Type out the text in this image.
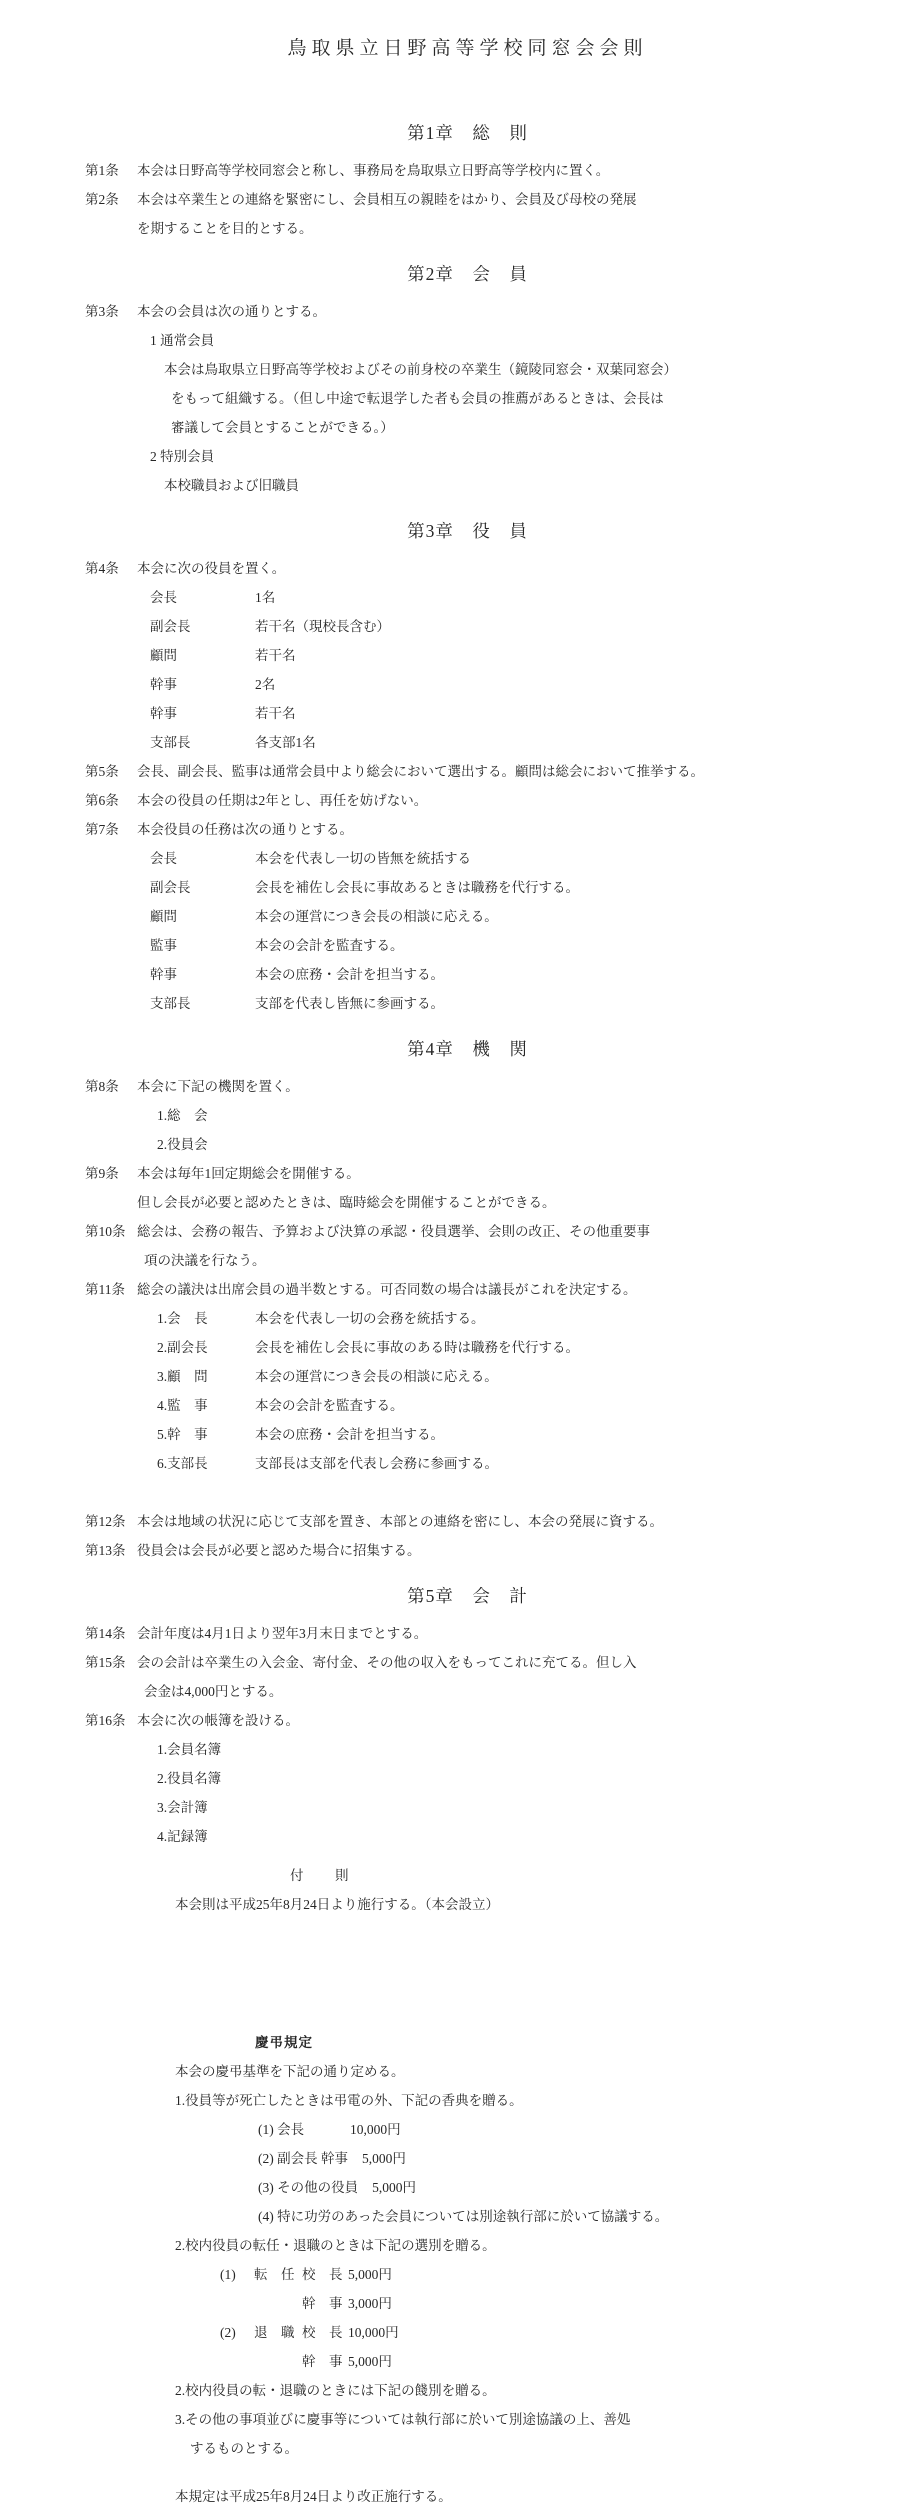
鳥取県立日野高等学校同窓会会則
第1章　総　則
第1条	本会は日野高等学校同窓会と称し、事務局を鳥取県立日野高等学校内に置く。
第2条	本会は卒業生との連絡を緊密にし、会員相互の親睦をはかり、会員及び母校の発展
を期することを目的とする。
第2章　会　員
第3条	本会の会員は次の通りとする。
1 通常会員
本会は鳥取県立日野高等学校およびその前身校の卒業生（鏡陵同窓会・双葉同窓会）
をもって組織する。（但し中途で転退学した者も会員の推薦があるときは、会長は
審議して会員とすることができる。）
2 特別会員
本校職員および旧職員
第3章　役　員
第4条	本会に次の役員を置く。
会長	1名
副会長	若干名（現校長含む）
顧問	若干名
幹事	2名
幹事	若干名
支部長	各支部1名
第5条	会長、副会長、監事は通常会員中より総会において選出する。顧問は総会において推挙する。
第6条	本会の役員の任期は2年とし、再任を妨げない。
第7条	本会役員の任務は次の通りとする。
会長	本会を代表し一切の皆無を統括する
副会長	会長を補佐し会長に事故あるときは職務を代行する。
顧問	本会の運営につき会長の相談に応える。
監事	本会の会計を監査する。
幹事	本会の庶務・会計を担当する。
支部長	支部を代表し皆無に参画する。
第4章　機　関
第8条	本会に下記の機関を置く。
1.総　会
2.役員会
第9条	本会は毎年1回定期総会を開催する。
但し会長が必要と認めたときは、臨時総会を開催することができる。
第10条 総会は、会務の報告、予算および決算の承認・役員選挙、会則の改正、その他重要事
項の決議を行なう。
第11条 総会の議決は出席会員の過半数とする。可否同数の場合は議長がこれを決定する。
1.会　長	本会を代表し一切の会務を統括する。
2.副会長	会長を補佐し会長に事故のある時は職務を代行する。
3.顧　問	本会の運営につき会長の相談に応える。
4.監　事	本会の会計を監査する。
5.幹　事	本会の庶務・会計を担当する。
6.支部長	支部長は支部を代表し会務に参画する。
第12条 本会は地域の状況に応じて支部を置き、本部との連絡を密にし、本会の発展に資する。
第13条 役員会は会長が必要と認めた場合に招集する。
第5章　会　計
第14条 会計年度は4月1日より翌年3月末日までとする。
第15条 会の会計は卒業生の入会金、寄付金、その他の収入をもってこれに充てる。但し入
会金は4,000円とする。
第16条 本会に次の帳簿を設ける。
1.会員名簿
2.役員名簿
3.会計簿
4.記録簿
付　則
本会則は平成25年8月24日より施行する。（本会設立）
慶弔規定
本会の慶弔基準を下記の通り定める。
1.役員等が死亡したときは弔電の外、下記の香典を贈る。
(1) 会長	10,000円
(2) 副会長 幹事	5,000円
(3) その他の役員	5,000円
(4) 特に功労のあった会員については別途執行部に於いて協議する。
2.校内役員の転任・退職のときは下記の選別を贈る。
(1)	転　任 校　長 5,000円
幹　事 3,000円
(2)	退　職 校　長 10,000円
幹　事 5,000円
2.校内役員の転・退職のときには下記の餞別を贈る。
3.その他の事項並びに慶事等については執行部に於いて別途協議の上、善処
するものとする。
本規定は平成25年8月24日より改正施行する。
